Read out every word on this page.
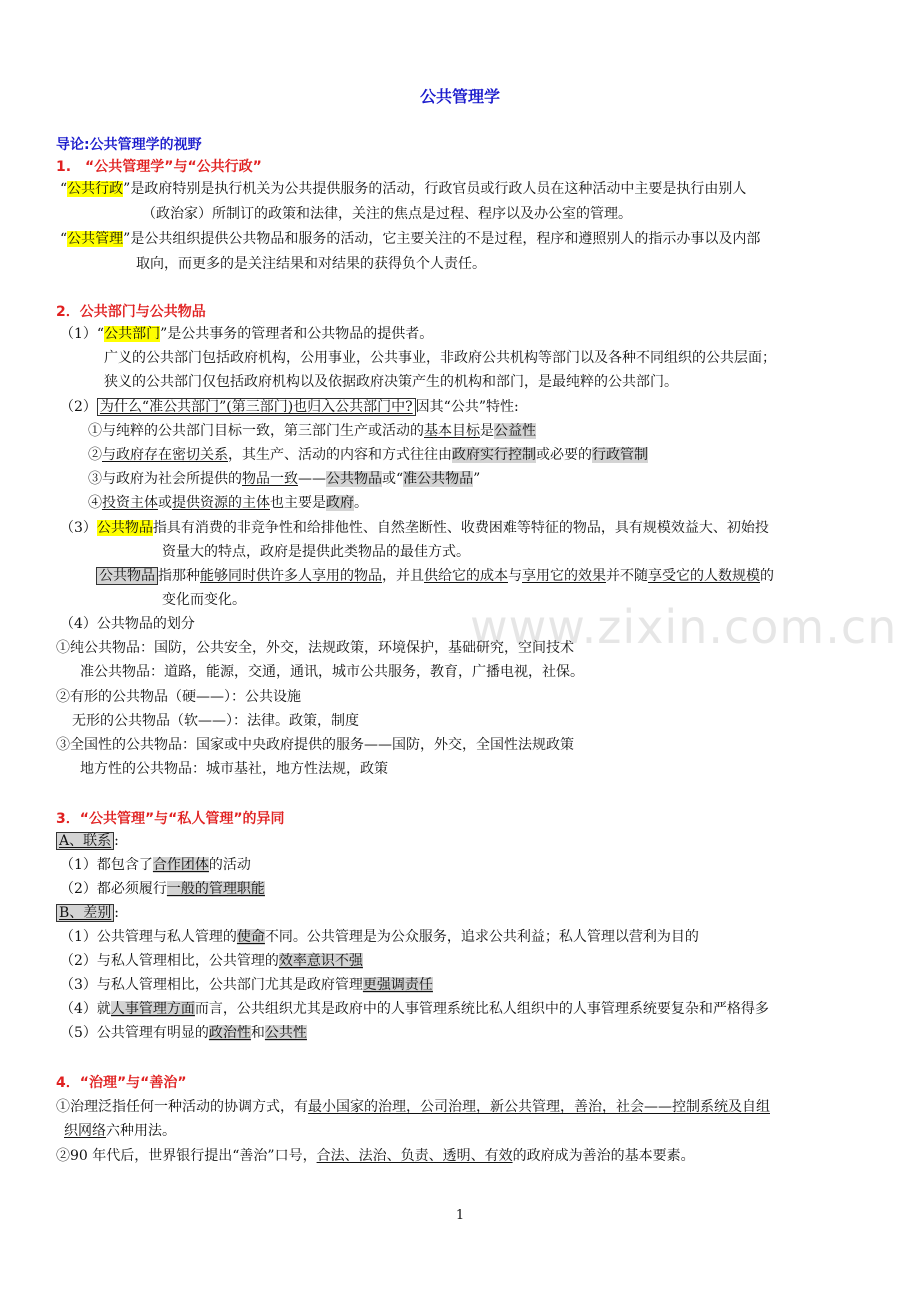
www.zixin.com.cn
公共管理学
导论:公共管理学的视野
1.　“公共管理学”与“公共行政”
“公共行政”是政府特别是执行机关为公共提供服务的活动，行政官员或行政人员在这种活动中主要是执行由别人
（政治家）所制订的政策和法律，关注的焦点是过程、程序以及办公室的管理。
“公共管理”是公共组织提供公共物品和服务的活动，它主要关注的不是过程，程序和遵照别人的指示办事以及内部
取向，而更多的是关注结果和对结果的获得负个人责任。
2．公共部门与公共物品
（1）“公共部门”是公共事务的管理者和公共物品的提供者。
广义的公共部门包括政府机构，公用事业，公共事业，非政府公共机构等部门以及各种不同组织的公共层面；
狭义的公共部门仅包括政府机构以及依据政府决策产生的机构和部门，是最纯粹的公共部门。
（2） 为什么“准公共部门”(第三部门)也归入公共部门中? 因其“公共”特性:
①与纯粹的公共部门目标一致，第三部门生产或活动的基本目标是公益性
②与政府存在密切关系，其生产、活动的内容和方式往往由政府实行控制或必要的行政管制
③与政府为社会所提供的物品一致——公共物品或“准公共物品”
④投资主体或提供资源的主体也主要是政府。
（3）公共物品指具有消费的非竞争性和给排他性、自然垄断性、收费困难等特征的物品，具有规模效益大、初始投
资量大的特点，政府是提供此类物品的最佳方式。
公共物品 指那种能够同时供许多人享用的物品，并且供给它的成本与享用它的效果并不随享受它的人数规模的
变化而变化。
（4）公共物品的划分
①纯公共物品：国防，公共安全，外交，法规政策，环境保护，基础研究，空间技术
准公共物品：道路，能源，交通，通讯，城市公共服务，教育，广播电视，社保。
②有形的公共物品（硬——）：公共设施
无形的公共物品（软——）：法律。政策，制度
③全国性的公共物品：国家或中央政府提供的服务——国防，外交，全国性法规政策
地方性的公共物品：城市基社，地方性法规，政策
3．“公共管理”与“私人管理”的异同
A、联系 :
（1）都包含了合作团体的活动
（2）都必须履行一般的管理职能
B、差别 :
（1）公共管理与私人管理的使命不同。公共管理是为公众服务，追求公共利益；私人管理以营利为目的
（2）与私人管理相比，公共管理的效率意识不强
（3）与私人管理相比，公共部门尤其是政府管理更强调责任
（4）就人事管理方面而言，公共组织尤其是政府中的人事管理系统比私人组织中的人事管理系统要复杂和严格得多
（5）公共管理有明显的政治性和公共性
4．“治理”与“善治”
①治理泛指任何一种活动的协调方式，有最小国家的治理，公司治理，新公共管理，善治，社会——控制系统及自组
织网络六种用法。
②90 年代后，世界银行提出“善治”口号，合法、法治、负责、透明、有效的政府成为善治的基本要素。
1
